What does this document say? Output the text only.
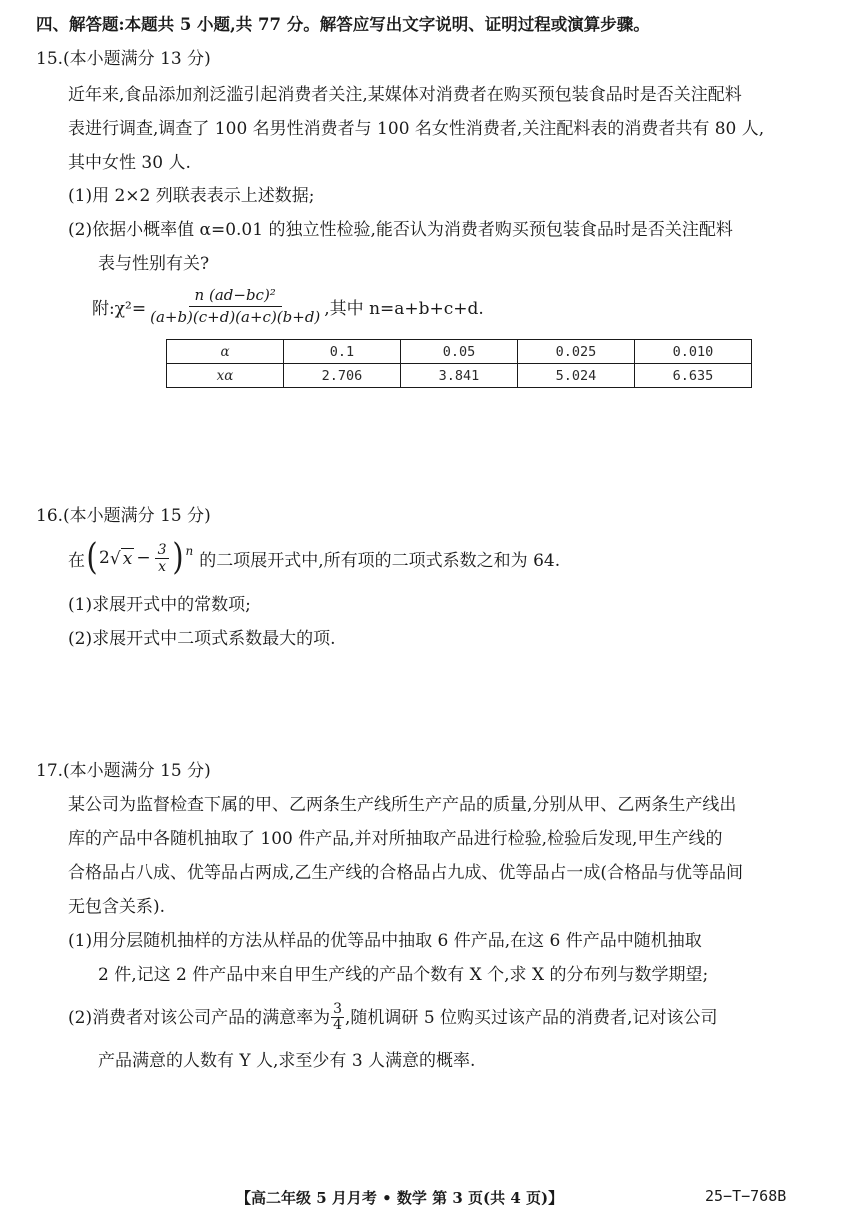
四、解答题:本题共 5 小题,共 77 分。解答应写出文字说明、证明过程或演算步骤。
15.(本小题满分 13 分)
近年来,食品添加剂泛滥引起消费者关注,某媒体对消费者在购买预包装食品时是否关注配料
表进行调查,调查了 100 名男性消费者与 100 名女性消费者,关注配料表的消费者共有 80 人,
其中女性 30 人.
(1)用 2×2 列联表表示上述数据;
(2)依据小概率值 α=0.01 的独立性检验,能否认为消费者购买预包装食品时是否关注配料
表与性别有关?
附:χ²= $\frac{\text{n (ad−bc)²}}{(a+b)(c+d)(a+c)(b+d)}$ ,其中 n=a+b+c+d.
α	0.1	0.05	0.025	0.010
xα	2.706	3.841	5.024	6.635
16.(本小题满分 15 分)
在 ( 2 √ $x - \frac{3}{x} )^n$ 的二项展开式中,所有项的二项式系数之和为 64.
(1)求展开式中的常数项;
(2)求展开式中二项式系数最大的项.
17.(本小题满分 15 分)
某公司为监督检查下属的甲、乙两条生产线所生产产品的质量,分别从甲、乙两条生产线出
库的产品中各随机抽取了 100 件产品,并对所抽取产品进行检验,检验后发现,甲生产线的
合格品占八成、优等品占两成,乙生产线的合格品占九成、优等品占一成(合格品与优等品间
无包含关系).
(1)用分层随机抽样的方法从样品的优等品中抽取 6 件产品,在这 6 件产品中随机抽取
2 件,记这 2 件产品中来自甲生产线的产品个数有 X 个,求 X 的分布列与数学期望;
(2)消费者对该公司产品的满意率为 $\frac{3}{4}$ ,随机调研 5 位购买过该产品的消费者,记对该公司
产品满意的人数有 Y 人,求至少有 3 人满意的概率.
【高二年级 5 月月考 • 数学 第 3 页(共 4 页)】	25−T−768B
